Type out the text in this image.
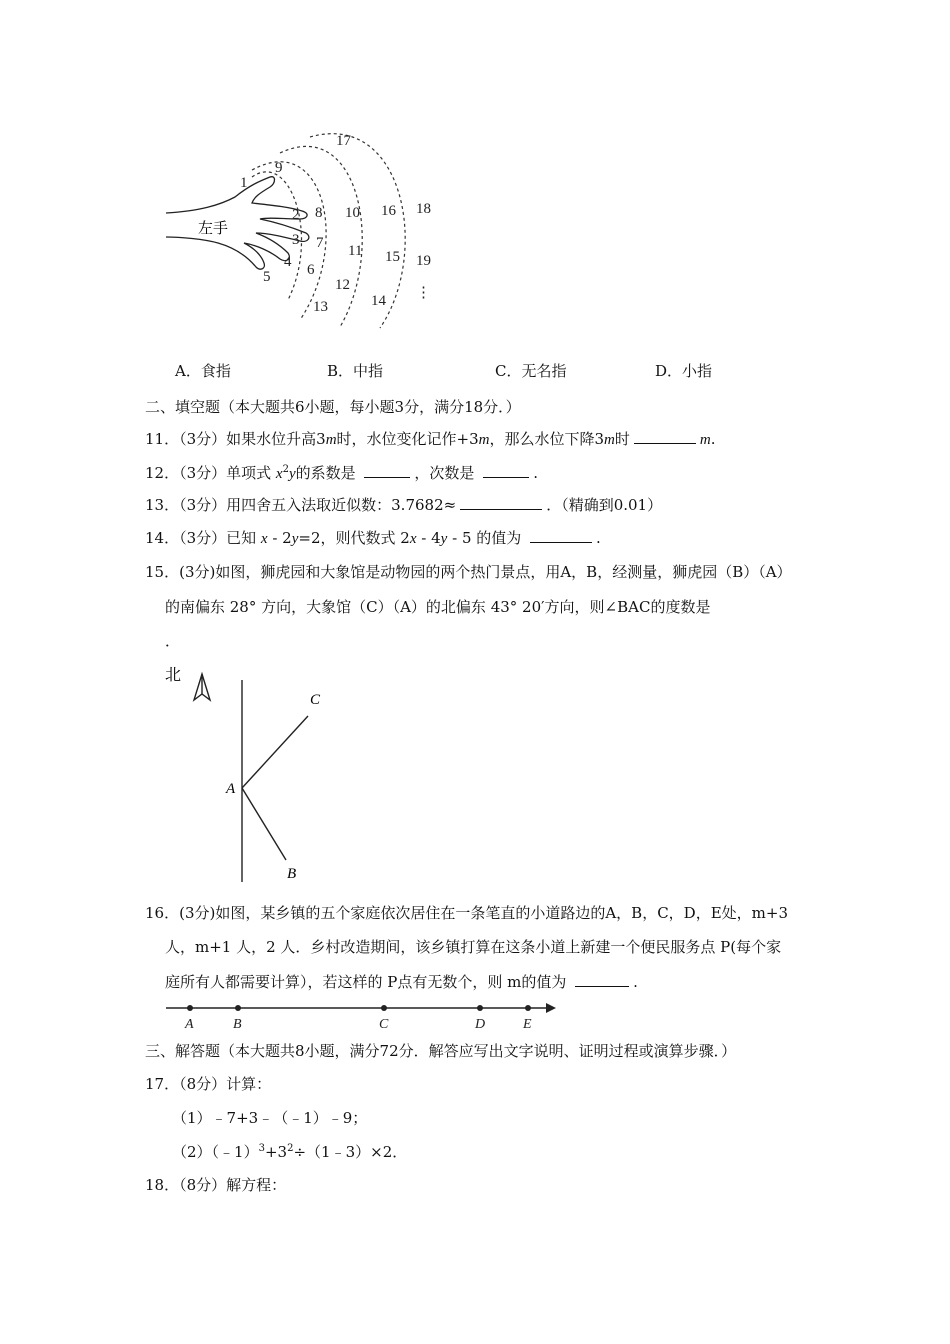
左手
1
2
3
4
5 6
7
8
9
10
11
12
13	14
15
16
17
18
19
⋮
A．食指	B．中指	C．无名指	D．小指
二、填空题（本大题共6小题，每小题3分，满分18分．）
11．（3分）如果水位升高3m时，水位变化记作+3m，那么水位下降3m时	m.
12．（3分）单项式 $x^2y$的系数是	，次数是	.
13．（3分）用四舍五入法取近似数：3.7682≈	．（精确到0.01）
14．（3分）已知 x - 2y=2，则代数式 2x - 4y - 5 的值为	.
15．(3分)如图，狮虎园和大象馆是动物园的两个热门景点，用A，B，经测量，狮虎园（B）（A）
的南偏东 28° 方向，大象馆（C）（A）的北偏东 43° 20′方向，则∠BAC的度数是
．
北
A
B
C
16．(3分)如图，某乡镇的五个家庭依次居住在一条笔直的小道路边的A，B，C，D，E处，m+3
人，m+1 人，2 人．乡村改造期间，该乡镇打算在这条小道上新建一个便民服务点 P(每个家
庭所有人都需要计算），若这样的 P点有无数个，则 m的值为	.
A	B	C	D	E
三、解答题（本大题共8小题，满分72分．解答应写出文字说明、证明过程或演算步骤．）
17．（8分）计算：
（1）﹣7+3﹣（﹣1）﹣9；
$(2)(﹣1)^3+3^2\div(1﹣3)\times 2$．
18．（8分）解方程：
